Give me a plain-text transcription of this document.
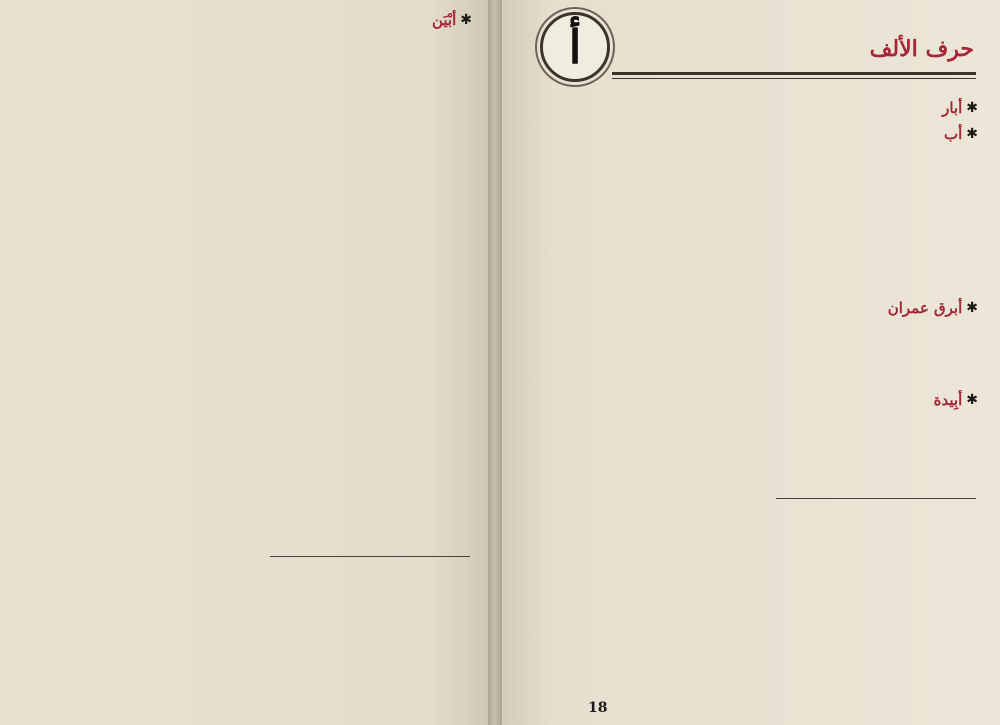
✱
أَبْيَن أ	حرف الألف
✱
أُبار
✱
أَب
✱
أَبرق عمران
✱
أَبِيدة
18
